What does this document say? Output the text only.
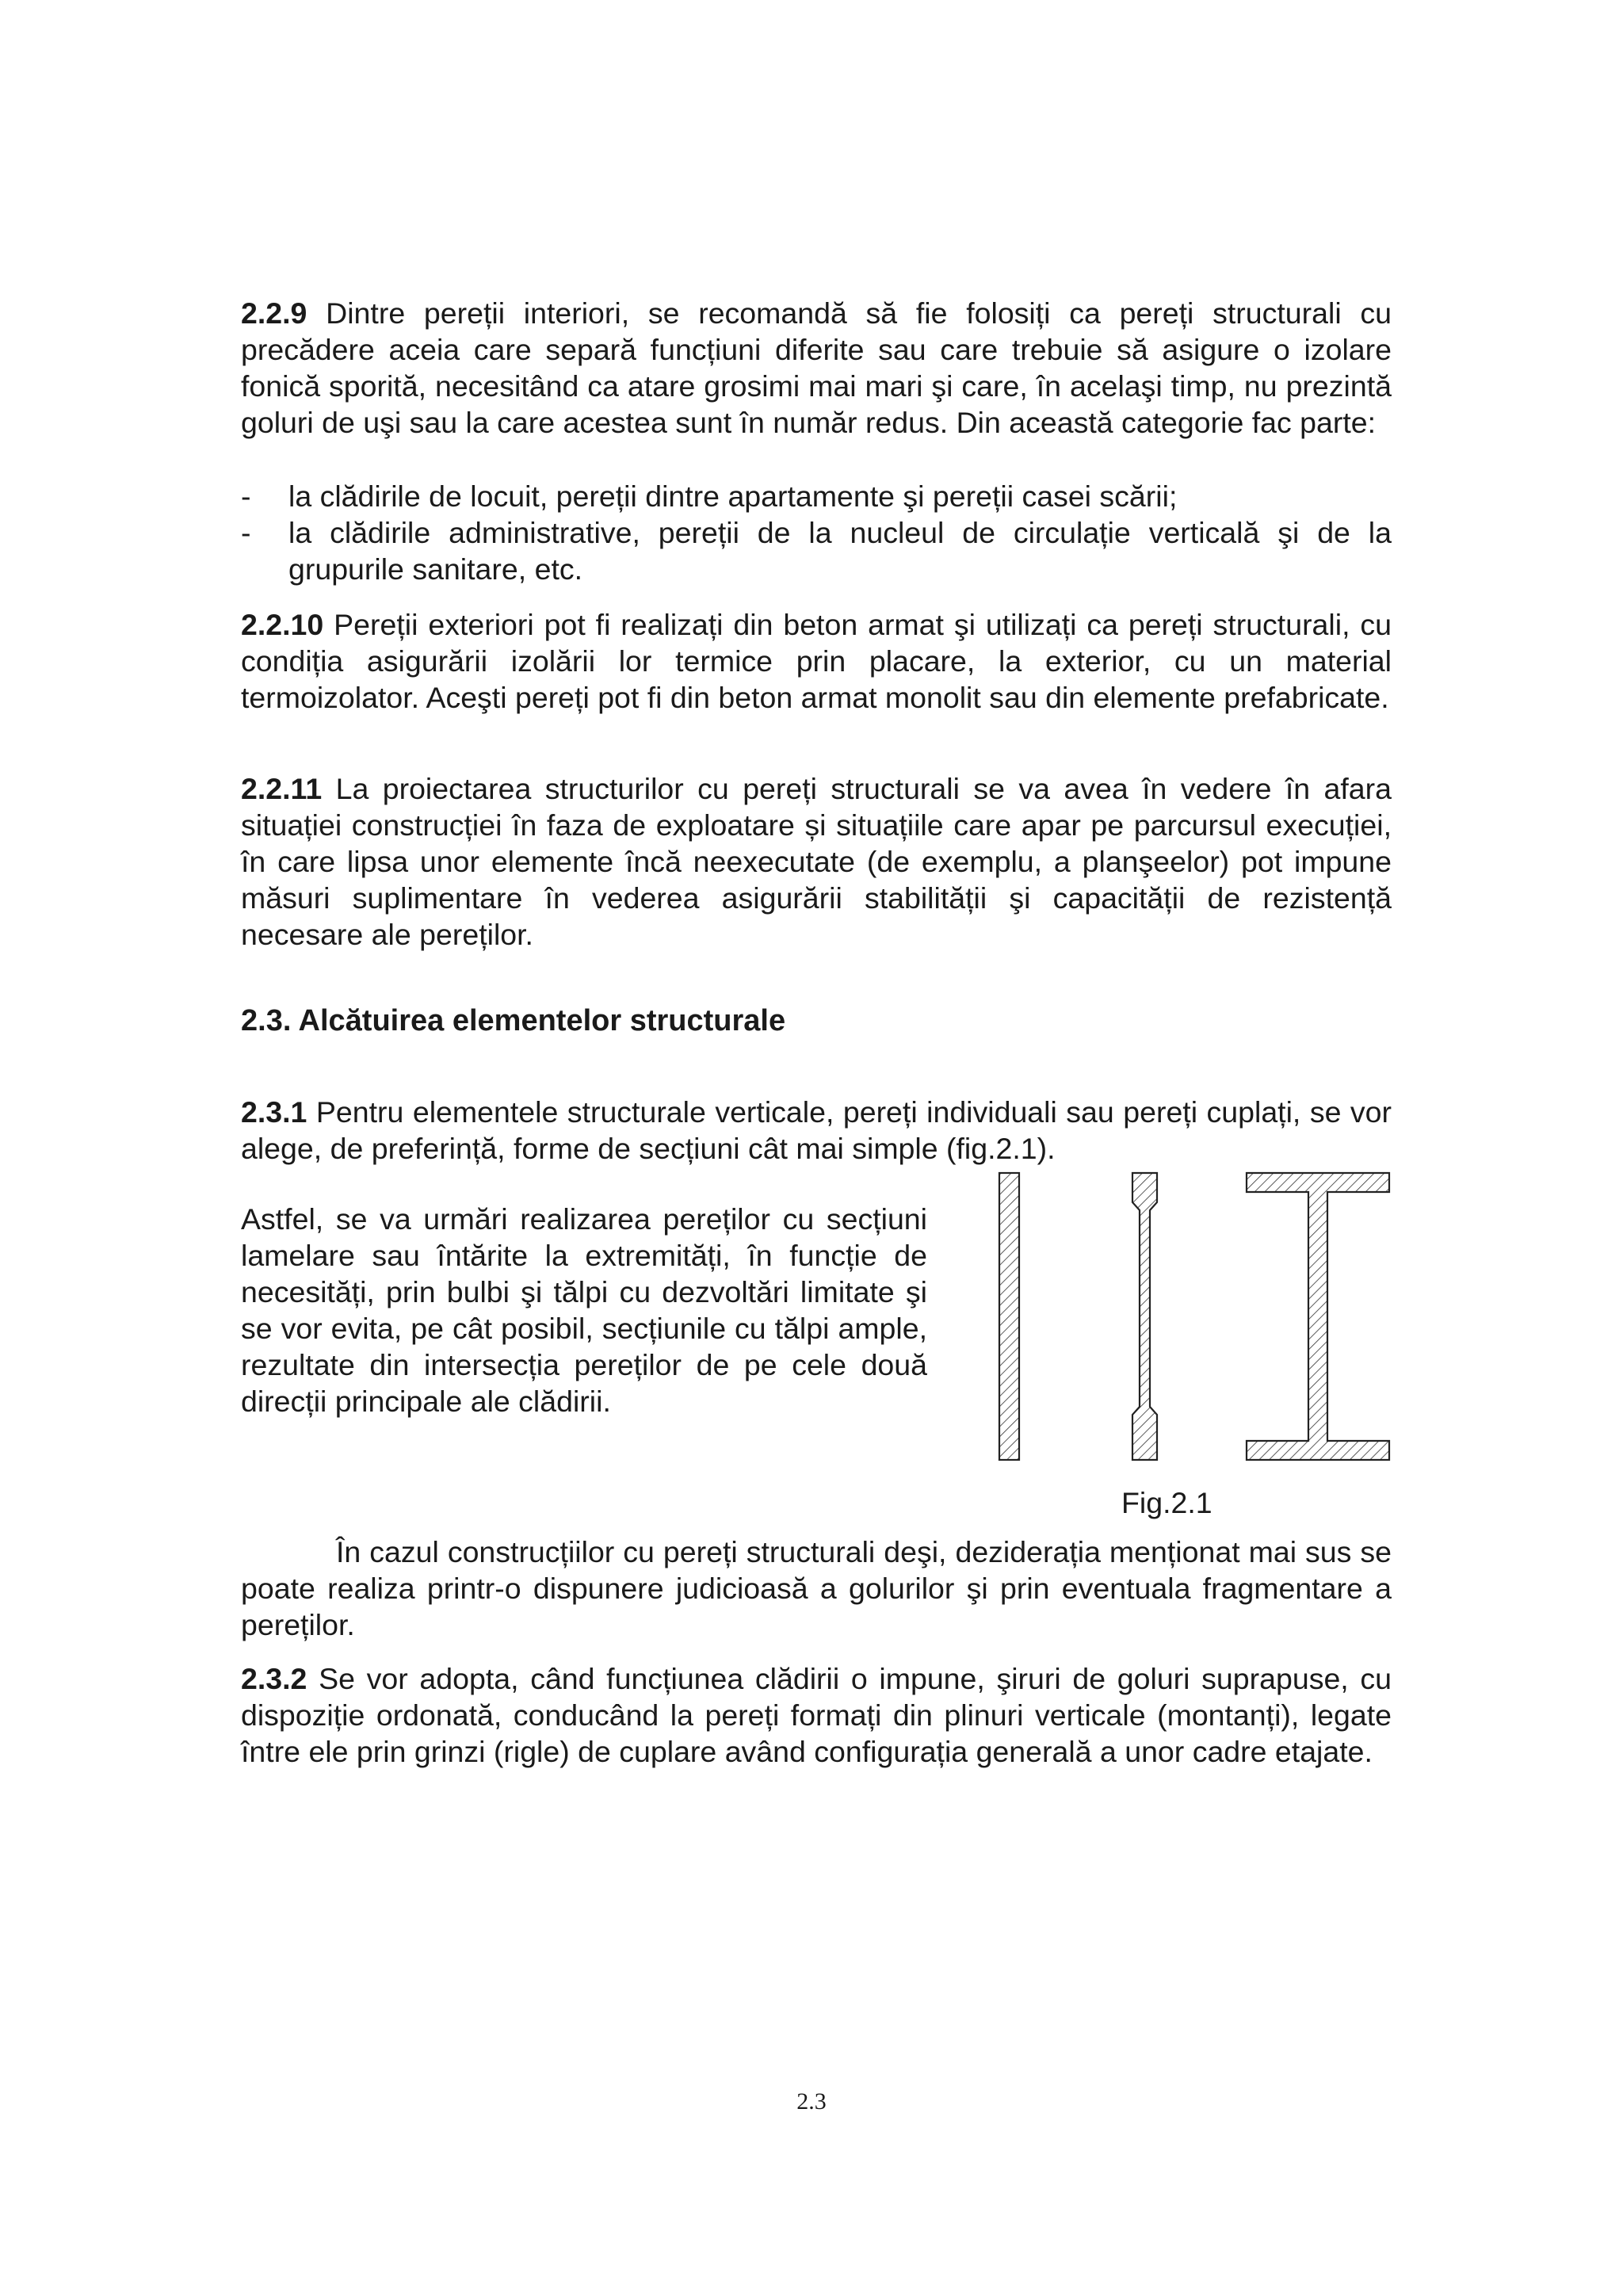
2.2.9 Dintre pereții interiori, se recomandă să fie folosiți ca pereți structurali cu precădere aceia care separă funcțiuni diferite sau care trebuie să asigure o izolare fonică sporită, necesitând ca atare grosimi mai mari şi care, în acelaşi timp, nu prezintă goluri de uşi sau la care acestea sunt în număr redus. Din această categorie fac parte:

- la clădirile de locuit, pereții dintre apartamente şi pereții casei scării;
- la clădirile administrative, pereții de la nucleul de circulație verticală şi de la grupurile sanitare, etc.

2.2.10 Pereții exteriori pot fi realizați din beton armat şi utilizați ca pereți structurali, cu condiția asigurării izolării lor termice prin placare, la exterior, cu un material termoizolator. Aceşti pereți pot fi din beton armat monolit sau din elemente prefabricate.

2.2.11 La proiectarea structurilor cu pereți structurali se va avea în vedere în afara situației construcției în faza de exploatare și situațiile care apar pe parcursul execuției, în care lipsa unor elemente încă neexecutate (de exemplu, a planşeelor) pot impune măsuri suplimentare în vederea asigurării stabilității şi capacității de rezistență necesare ale pereților.

2.3. Alcătuirea elementelor structurale

2.3.1 Pentru elementele structurale verticale, pereți individuali sau pereți cuplați, se vor alege, de preferință, forme de secțiuni cât mai simple (fig.2.1).

Astfel, se va urmări realizarea pereților cu secțiuni lamelare sau întărite la extremități, în funcție de necesități, prin bulbi şi tălpi cu dezvoltări limitate şi se vor evita, pe cât posibil, secțiunile cu tălpi ample, rezultate din intersecția pereților de pe cele două direcții principale ale clădirii.

Fig.2.1

În cazul construcțiilor cu pereți structurali deşi, deziderația menționat mai sus se poate realiza printr-o dispunere judicioasă a golurilor şi prin eventuala fragmentare a pereților.

2.3.2 Se vor adopta, când funcțiunea clădirii o impune, şiruri de goluri suprapuse, cu dispoziție ordonată, conducând la pereți formați din plinuri verticale (montanți), legate între ele prin grinzi (rigle) de cuplare având configurația generală a unor cadre etajate.

2.3
